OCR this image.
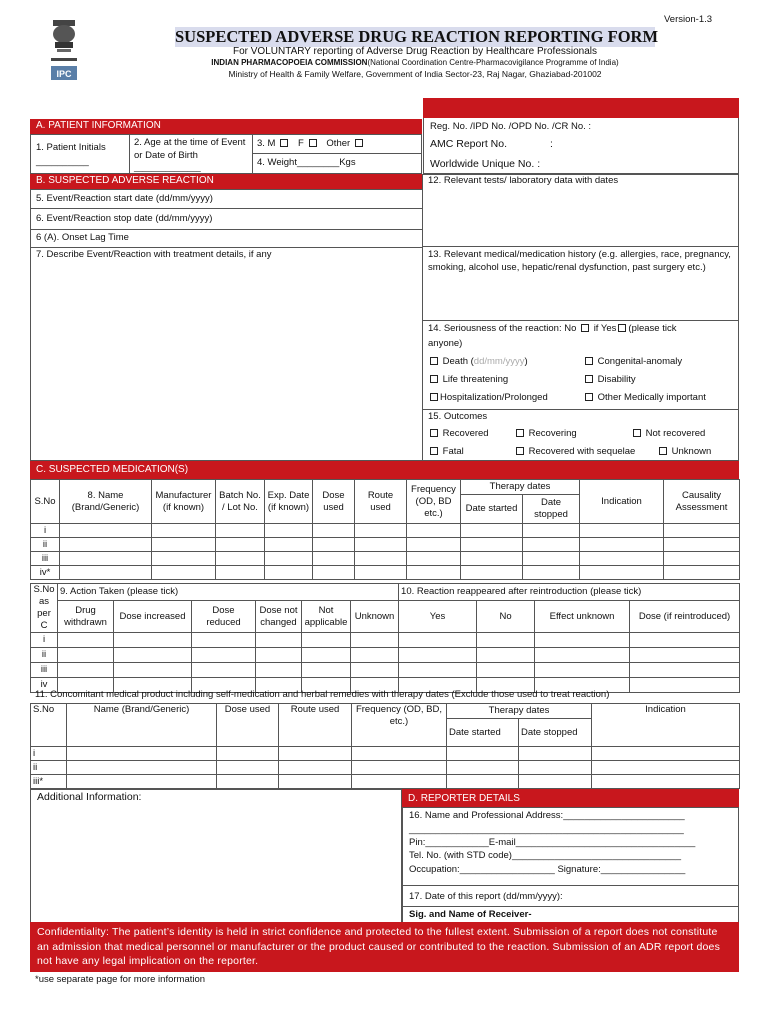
Version-1.3
IPC
SUSPECTED ADVERSE DRUG REACTION REPORTING FORM
For VOLUNTARY reporting of Adverse Drug Reaction by Healthcare Professionals
INDIAN PHARMACOPOEIA COMMISSION(National Coordination Centre-Pharmacovigilance Programme of India)
Ministry of Health & Family Welfare, Government of India Sector-23, Raj Nagar, Ghaziabad-201002
A. PATIENT INFORMATION
1. Patient Initials
__________
2. Age at the time of Event or Date of Birth
_______________
3. M F Other
4. Weight________Kgs
Reg. No. /IPD No. /OPD No. /CR No. :
AMC Report No.	:
Worldwide Unique No. :
B. SUSPECTED ADVERSE REACTION
5. Event/Reaction start date (dd/mm/yyyy)
6. Event/Reaction stop date (dd/mm/yyyy)
6 (A). Onset Lag Time
7. Describe Event/Reaction with treatment details, if any
12. Relevant tests/ laboratory data with dates
13. Relevant medical/medication history (e.g. allergies, race, pregnancy, smoking, alcohol use, hepatic/renal dysfunction, past surgery etc.)
14. Seriousness of the reaction: No if Yes (please tick
anyone)
Death (dd/mm/yyyy)	Congenital-anomaly
Life threatening	Disability
Hospitalization/Prolonged	Other Medically important
15. Outcomes
Recovered	Recovering	Not recovered
Fatal	Recovered with sequelae	Unknown
C. SUSPECTED MEDICATION(S)
S.No	8. Name (Brand/Generic)	Manufacturer (if known)	Batch No. / Lot No.	Exp. Date (if known)	Dose used	Route used	Frequency (OD, BD etc.)	Therapy dates		Indication	Causality Assessment
								Date started	Date stopped		
i											
ii											
iii											
iv*											
S.No as per C	9. Action Taken (please tick)						10. Reaction reappeared after reintroduction (please tick)			
	Drug withdrawn	Dose increased	Dose reduced	Dose not changed	Not applicable	Unknown	Yes	No	Effect unknown	Dose (if reintroduced)
i										
ii										
iii										
iv										
11. Concomitant medical product including self-medication and herbal remedies with therapy dates (Exclude those used to treat reaction)
S.No	Name (Brand/Generic)	Dose used	Route used	Frequency (OD, BD, etc.)	Therapy dates		Indication
					Date started	Date stopped	
i							
ii							
iii*							
Additional Information:	D. REPORTER DETAILS
16. Name and Professional Address:_______________________
____________________________________________________
Pin:____________E-mail__________________________________
Tel. No. (with STD code)________________________________
Occupation:__________________ Signature:________________
17. Date of this report (dd/mm/yyyy):
Sig. and Name of Receiver-
Confidentiality: The patient’s identity is held in strict confidence and protected to the fullest extent. Submission of a report does not constitute an admission that medical personnel or manufacturer or the product caused or contributed to the reaction. Submission of an ADR report does not have any legal implication on the reporter.
*use separate page for more information
